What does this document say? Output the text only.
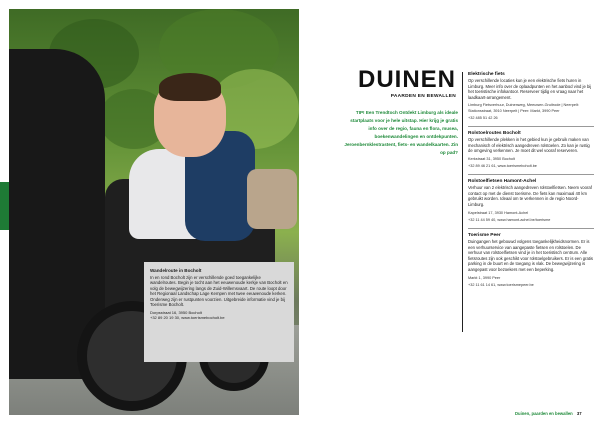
Wandelroute in Bocholt
In en rond Bocholt zijn er verschillende goed toegankelijke wandelroutes. Begin je tocht aan het eeuwenoude kerkje van Bocholt en volg de bewegwijzering langs de Zuid-Willemsvaart. De route loopt door het Regionaal Landschap Lage Kempen met twee eeuwenoude kerken. Onderweg zijn er rustpunten voorzien. Uitgebreide informatie vind je bij Toerisme Bocholt.
Dorpsstraat 16, 3950 Bocholt
+32 89 20 19 30, www.toerismebocholt.be
DUINEN
PAARDEN EN BEWALLEN
TIP! Een Trendtoch Ontdekt Limburg als ideale startplaats voor je hele uitstap. Hier krijg je gratis info over de regio, fauna en flora, musea, boekenwandelingen en ontdekpunten. Jeroenbernklestrastent, fiets- en wandelkaarten. Zin op pad?
Elektrische fiets
Op verschillende locaties kun je een elektrische fiets huren in Limburg. Meer info over de oplaadpunten en het aanbod vind je bij het toeristische infokantoor. Reserveer tijdig en vraag naar het laadkaart-arrangement.
Limburg Fietsverhuur, Duinenweg, Meeuwen-Gruitrode | Neerpelt: Stationsstraat, 3910 Neerpelt | Peer: Markt, 3990 Peer
+32 485 51 42 26
Rolstoelroutes Bocholt
Op verschillende plekken in het gebied kun je gebruik maken van mechanisch of elektrisch aangedreven rolstoelen. Zo kan je rustig de omgeving verkennen. Je moet dit wel vooraf reserveren.
Kerkstraat 31, 3950 Bocholt
+32 89 46 21 61, www.toerismeboholt.be
Rolstoelfietsen Hamont-Achel
Verhuur van 2 elektrisch aangedreven rolstoelfietsen. Neem vooraf contact op met de dienst toerisme. De fiets kan maximaal 40 km gebruikt worden. Ideaal om te verkennen in de regio Noord-Limburg.
Kapelstraat 17, 3930 Hamont-Achel
+32 11 44 59 40, www.hamont-achel.be/toerisme
Toerisme Peer
Duingangen het gebouwd volgens toegankelijkheidsnormen. Er is een verhuurservice van aangepaste fietsen en rolstoelen. De verhuur van rolstoelfietsen vind je in het toeristisch centrum. Alle fietsroutes zijn ook geschikt voor rolstoelgebruikers. Er is een gratis parking in de buurt en de toegang is vlak. De bewegwijzering is aangepast voor bezoekers met een beperking.
Markt 1, 3990 Peer
+32 11 61 14 61, www.toerismepeer.be
Duinen, paarden en bewallen 37
